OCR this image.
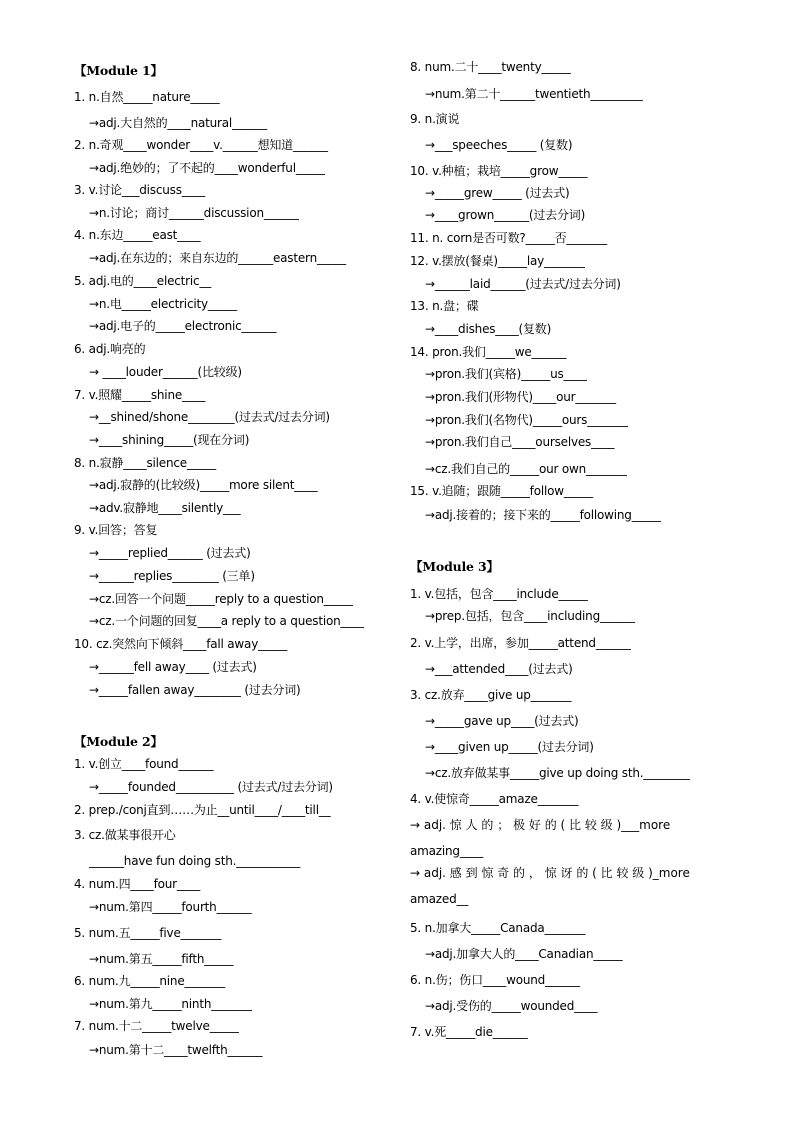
【Module 1】
1. n.自然_____nature_____
→adj.大自然的____natural______
2. n.奇观____wonder____v.______想知道______
→adj.绝妙的；了不起的____wonderful_____
3. v.讨论___discuss____
→n.讨论；商讨______discussion______
4. n.东边_____east____
→adj.在东边的；来自东边的______eastern_____
5. adj.电的____electric__
→n.电_____electricity_____
→adj.电子的_____electronic______
6. adj.响亮的
→ ____louder______(比较级)
7. v.照耀_____shine____
→__shined/shone________(过去式/过去分词)
→____shining_____(现在分词)
8. n.寂静____silence_____
→adj.寂静的(比较级)_____more silent____
→adv.寂静地____silently___
9. v.回答；答复
→_____replied______ (过去式)
→______replies________ (三单)
→cz.回答一个问题_____reply to a question_____
→cz.一个问题的回复____a reply to a question____
10. cz.突然向下倾斜____fall away_____
→______fell away____ (过去式)
→_____fallen away________ (过去分词)
【Module 2】
1. v.创立____found______
→_____founded__________ (过去式/过去分词)
2. prep./conj直到……为止__until____/____till__
3. cz.做某事很开心
______have fun doing sth.___________
4. num.四____four____
→num.第四_____fourth______
5. num.五_____five_______
→num.第五_____fifth_____
6. num.九_____nine_______
→num.第九_____ninth_______
7. num.十二_____twelve_____
→num.第十二____twelfth______
8. num.二十____twenty_____
→num.第二十______twentieth_________
9. n.演说
→___speeches_____ (复数)
10. v.种植；栽培_____grow_____
→_____grew_____ (过去式)
→____grown______(过去分词)
11. n. corn是否可数?_____否_______
12. v.摆放(餐桌)_____lay_______
→______laid______(过去式/过去分词)
13. n.盘；碟
→____dishes____(复数)
14. pron.我们_____we______
→pron.我们(宾格)_____us____
→pron.我们(形物代)____our_______
→pron.我们(名物代)_____ours_______
→pron.我们自己____ourselves____
→cz.我们自己的_____our own_______
15. v.追随；跟随_____follow_____
→adj.接着的；接下来的_____following_____
【Module 3】
1. v.包括，包含____include_____
→prep.包括，包含____including______
2. v.上学，出席，参加_____attend______
→___attended____(过去式)
3. cz.放弃____give up_______
→_____gave up____(过去式)
→____given up_____(过去分词)
→cz.放弃做某事_____give up doing sth.________
4. v.使惊奇_____amaze_______
→ adj. 惊 人 的 ； 极 好 的 ( 比 较 级 )___more
amazing____
→ adj. 感 到 惊 奇 的 ， 惊 讶 的 ( 比 较 级 )_more
amazed__
5. n.加拿大_____Canada_______
→adj.加拿大人的____Canadian_____
6. n.伤；伤口____wound______
→adj.受伤的_____wounded____
7. v.死_____die______
